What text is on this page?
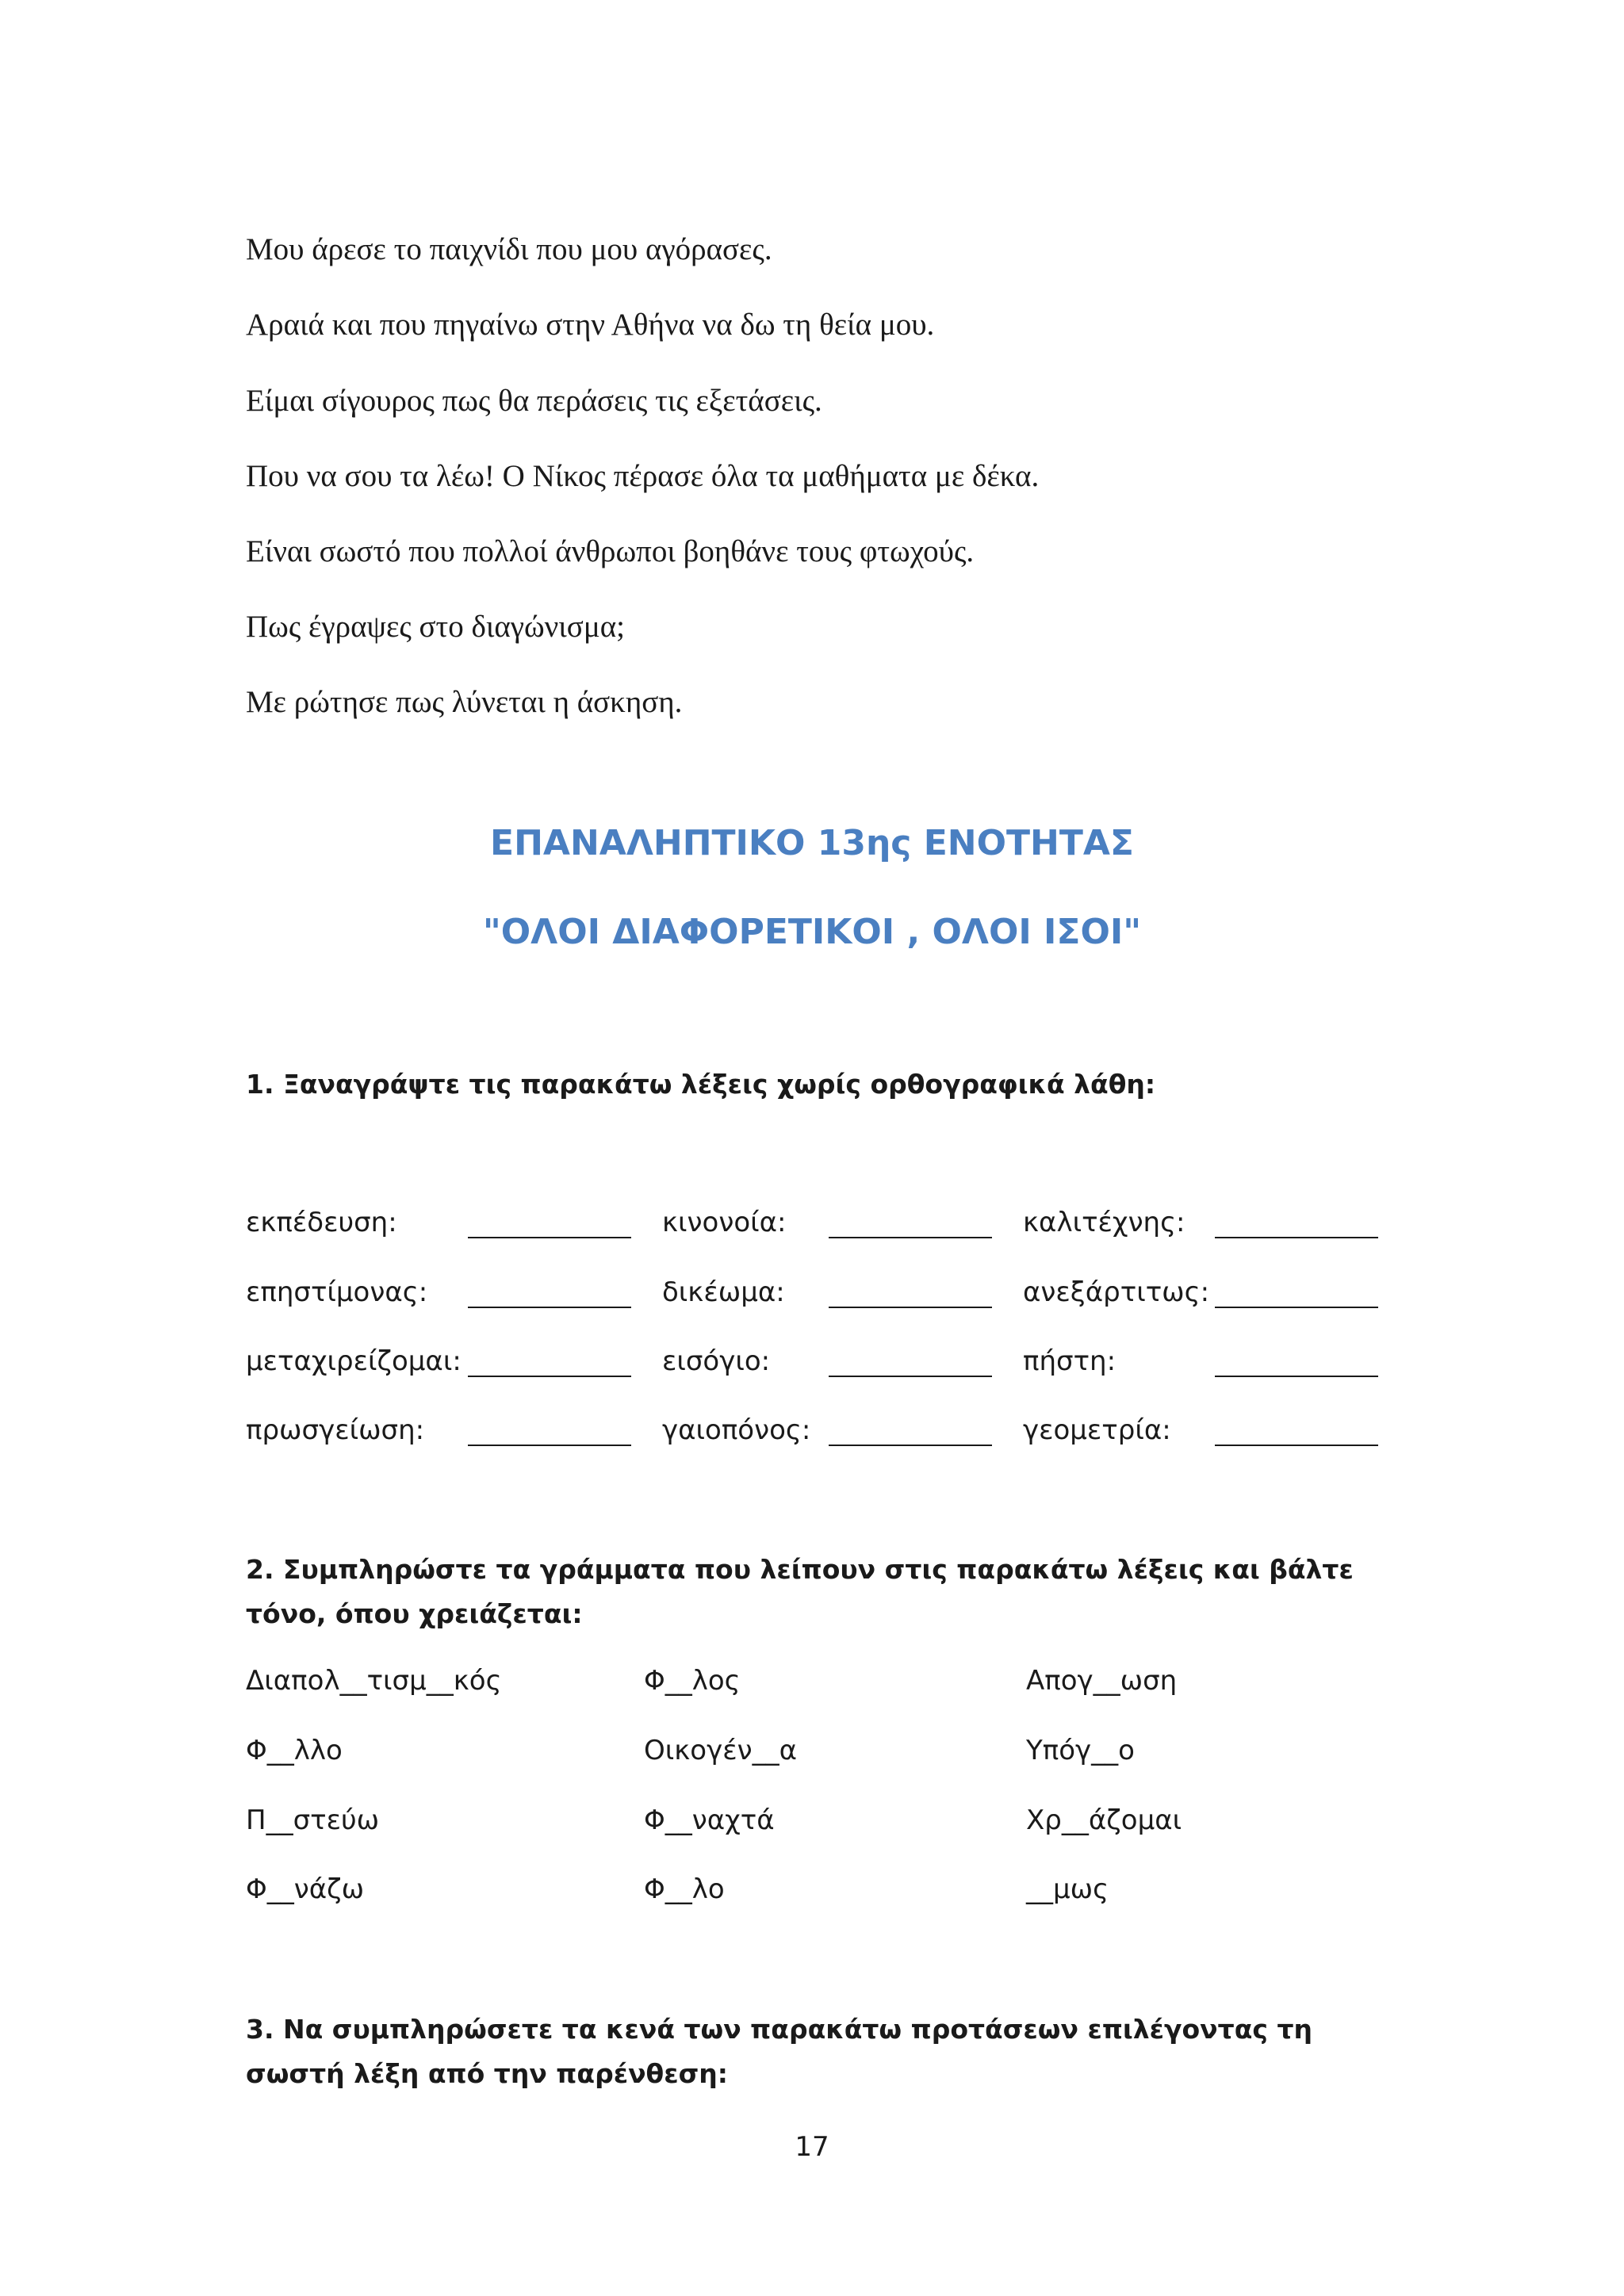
Μου άρεσε το παιχνίδι που μου αγόρασες.
Αραιά και που πηγαίνω στην Αθήνα να δω τη θεία μου.
Είμαι σίγουρος πως θα περάσεις τις εξετάσεις.
Που να σου τα λέω! Ο Νίκος πέρασε όλα τα μαθήματα με δέκα.
Είναι σωστό που πολλοί άνθρωποι βοηθάνε τους φτωχούς.
Πως έγραψες στο διαγώνισμα;
Με ρώτησε πως λύνεται η άσκηση.
ΕΠΑΝΑΛΗΠΤΙΚΟ 13ης ΕΝΟΤΗΤΑΣ
"ΟΛΟΙ ΔΙΑΦΟΡΕΤΙΚΟΙ , ΟΛΟΙ ΙΣΟΙ"
1. Ξαναγράψτε τις παρακάτω λέξεις χωρίς ορθογραφικά λάθη:
εκπέδευση:	κινονοία:	καλιτέχνης:
επηστίμονας:	δικέωμα:	ανεξάρτιτως:
μεταχιρείζομαι:	εισόγιο:	πήστη:
πρωσγείωση:	γαιοπόνος:	γεομετρία:
2. Συμπληρώστε τα γράμματα που λείπουν στις παρακάτω λέξεις και βάλτε τόνο, όπου χρειάζεται:
Διαπολ__τισμ__κός	Φ__λος	Απογ__ωση
Φ__λλο	Οικογέν__α	Υπόγ__ο
Π__στεύω	Φ__ναχτά	Χρ__άζομαι
Φ__νάζω	Φ__λο	__μως
3. Να συμπληρώσετε τα κενά των παρακάτω προτάσεων επιλέγοντας τη σωστή λέξη από την παρένθεση:
17
